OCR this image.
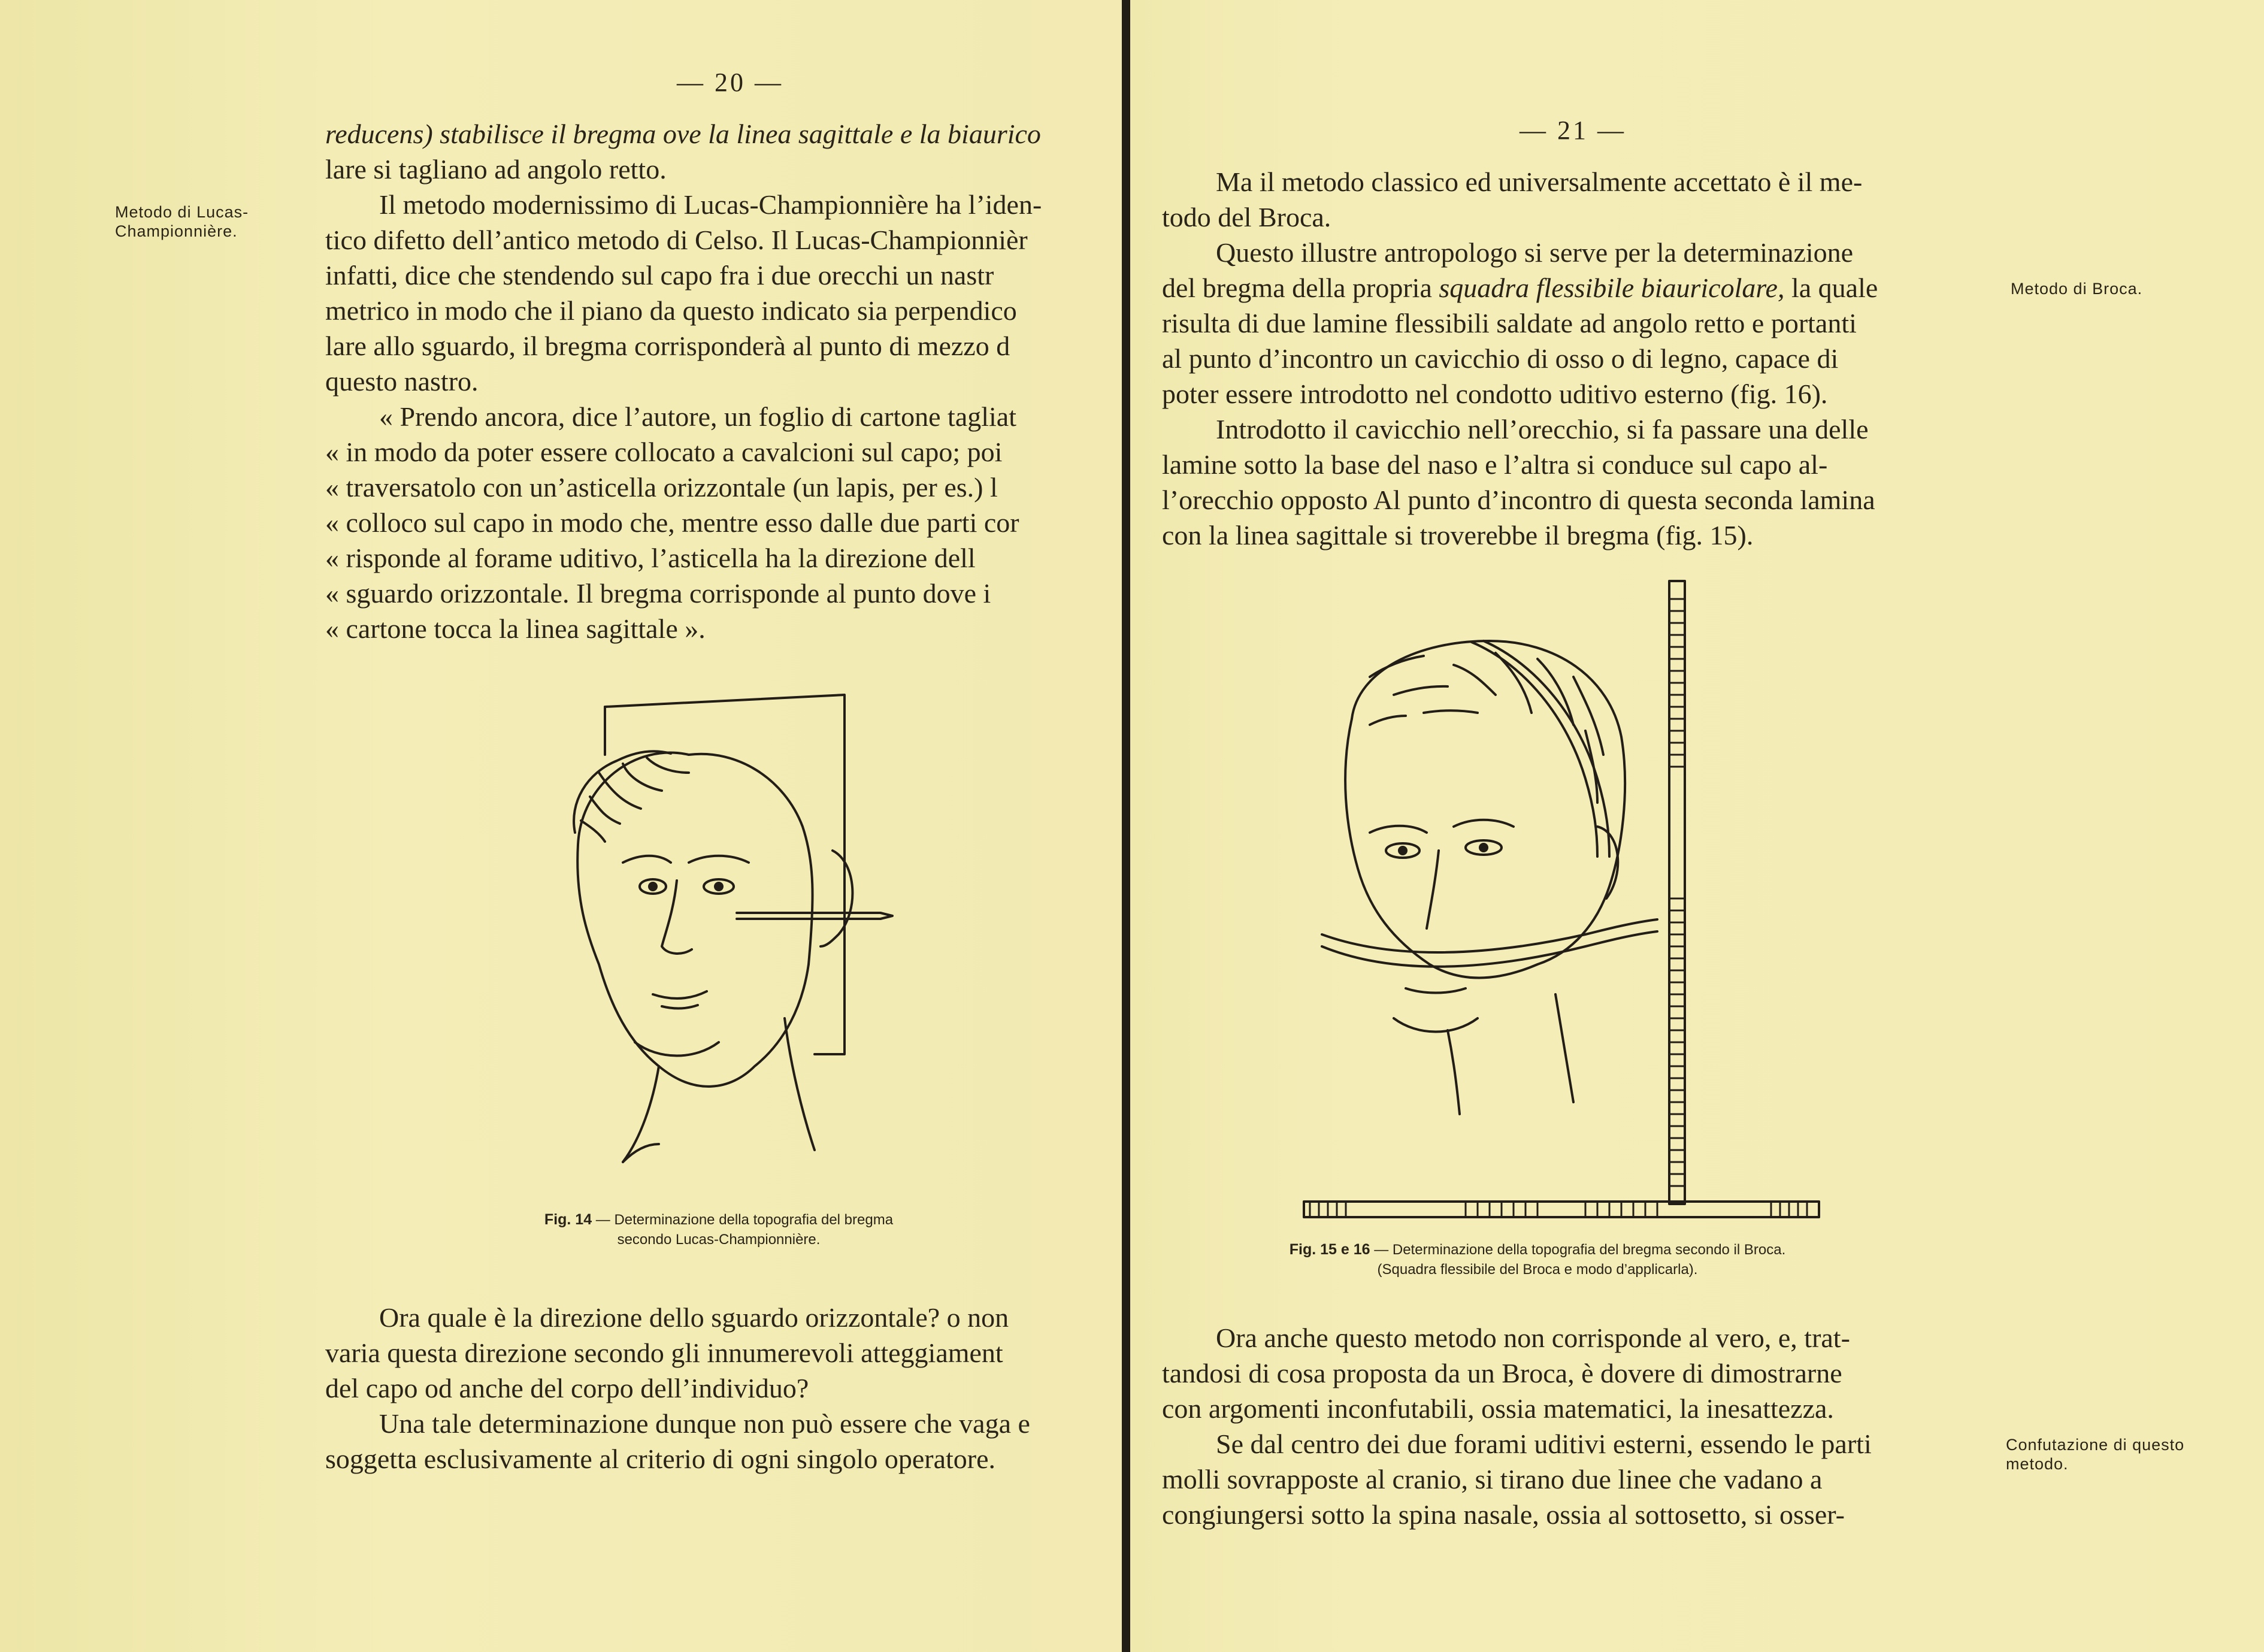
— 20 —
Metodo di Lucas-Championnière.

reducens) stabilisce il bregma ove la linea sagittale e la biaurico

lare si tagliano ad angolo retto.

Il metodo modernissimo di Lucas-Championnière ha l’iden-

tico difetto dell’antico metodo di Celso. Il Lucas-Championnièr

infatti, dice che stendendo sul capo fra i due orecchi un nastr

metrico in modo che il piano da questo indicato sia perpendico

lare allo sguardo, il bregma corrisponderà al punto di mezzo d

questo nastro.

« Prendo ancora, dice l’autore, un foglio di cartone tagliat

« in modo da poter essere collocato a cavalcioni sul capo; poi

« traversatolo con un’asticella orizzontale (un lapis, per es.) l

« colloco sul capo in modo che, mentre esso dalle due parti cor

« risponde al forame uditivo, l’asticella ha la direzione dell

« sguardo orizzontale. Il bregma corrisponde al punto dove i

« cartone tocca la linea sagittale ».

Fig. 14 — Determinazione della topografia del bregma
secondo Lucas-Championnière.

Ora quale è la direzione dello sguardo orizzontale? o non

varia questa direzione secondo gli innumerevoli atteggiament

del capo od anche del corpo dell’individuo?

Una tale determinazione dunque non può essere che vaga e

soggetta esclusivamente al criterio di ogni singolo operatore.

— 21 —

Ma il metodo classico ed universalmente accettato è il me-

todo del Broca.

Questo illustre antropologo si serve per la determinazione

del bregma della propria squadra flessibile biauricolare, la quale

risulta di due lamine flessibili saldate ad angolo retto e portanti

al punto d’incontro un cavicchio di osso o di legno, capace di

poter essere introdotto nel condotto uditivo esterno (fig. 16).

Introdotto il cavicchio nell’orecchio, si fa passare una delle

lamine sotto la base del naso e l’altra si conduce sul capo al-

l’orecchio opposto Al punto d’incontro di questa seconda lamina

con la linea sagittale si troverebbe il bregma (fig. 15).

Metodo di Broca.
Fig. 15 e 16 — Determinazione della topografia del bregma secondo il Broca.
(Squadra flessibile del Broca e modo d’applicarla).

Ora anche questo metodo non corrisponde al vero, e, trat-

tandosi di cosa proposta da un Broca, è dovere di dimostrarne

con argomenti inconfutabili, ossia matematici, la inesattezza.

Se dal centro dei due forami uditivi esterni, essendo le parti

molli sovrapposte al cranio, si tirano due linee che vadano a

congiungersi sotto la spina nasale, ossia al sottosetto, si osser-

Confutazione di questo metodo.
